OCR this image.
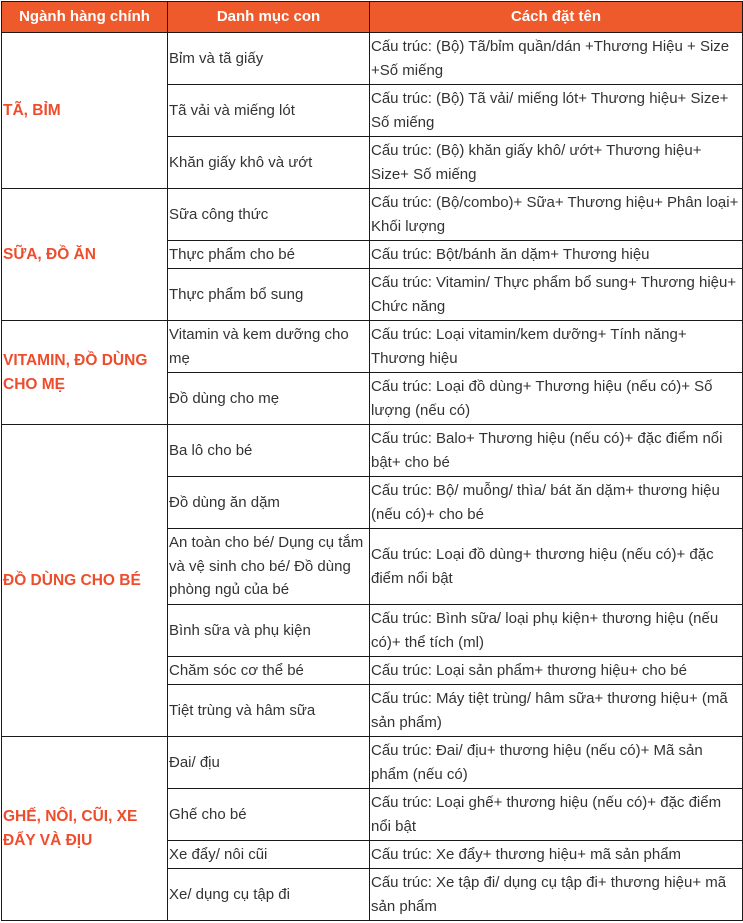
Ngành hàng chính	Danh mục con	Cách đặt tên
TÃ, BỈM	Bỉm và tã giấy	Cấu trúc: (Bộ) Tã/bỉm quần/dán +Thương Hiệu + Size +Số miếng
	Tã vải và miếng lót	Cấu trúc: (Bộ) Tã vải/ miếng lót+ Thương hiệu+ Size+ Số miếng
	Khăn giấy khô và ướt	Cấu trúc: (Bộ) khăn giấy khô/ ướt+ Thương hiệu+ Size+ Số miếng
SỮA, ĐỒ ĂN	Sữa công thức	Cấu trúc: (Bộ/combo)+ Sữa+ Thương hiệu+ Phân loại+ Khối lượng
	Thực phẩm cho bé	Cấu trúc: Bột/bánh ăn dặm+ Thương hiệu
	Thực phẩm bổ sung	Cấu trúc: Vitamin/ Thực phẩm bổ sung+ Thương hiệu+ Chức năng
VITAMIN, ĐỒ DÙNG CHO MẸ	Vitamin và kem dưỡng cho mẹ	Cấu trúc: Loại vitamin/kem dưỡng+ Tính năng+ Thương hiệu
	Đồ dùng cho mẹ	Cấu trúc: Loại đồ dùng+ Thương hiệu (nếu có)+ Số lượng (nếu có)
ĐỒ DÙNG CHO BÉ	Ba lô cho bé	Cấu trúc: Balo+ Thương hiệu (nếu có)+ đặc điểm nổi bật+ cho bé
	Đồ dùng ăn dặm	Cấu trúc: Bộ/ muỗng/ thìa/ bát ăn dặm+ thương hiệu (nếu có)+ cho bé
	An toàn cho bé/ Dụng cụ tắm và vệ sinh cho bé/ Đồ dùng phòng ngủ của bé	Cấu trúc: Loại đồ dùng+ thương hiệu (nếu có)+ đặc điểm nổi bật
	Bình sữa và phụ kiện	Cấu trúc: Bình sữa/ loại phụ kiện+ thương hiệu (nếu có)+ thể tích (ml)
	Chăm sóc cơ thể bé	Cấu trúc: Loại sản phẩm+ thương hiệu+ cho bé
	Tiệt trùng và hâm sữa	Cấu trúc: Máy tiệt trùng/ hâm sữa+ thương hiệu+ (mã sản phẩm)
GHẾ, NÔI, CŨI, XE ĐẨY VÀ ĐỊU	Đai/ địu	Cấu trúc: Đai/ địu+ thương hiệu (nếu có)+ Mã sản phẩm (nếu có)
	Ghế cho bé	Cấu trúc: Loại ghế+ thương hiệu (nếu có)+ đặc điểm nổi bật
	Xe đẩy/ nôi cũi	Cấu trúc: Xe đẩy+ thương hiệu+ mã sản phẩm
	Xe/ dụng cụ tập đi	Cấu trúc: Xe tập đi/ dụng cụ tập đi+ thương hiệu+ mã sản phẩm
